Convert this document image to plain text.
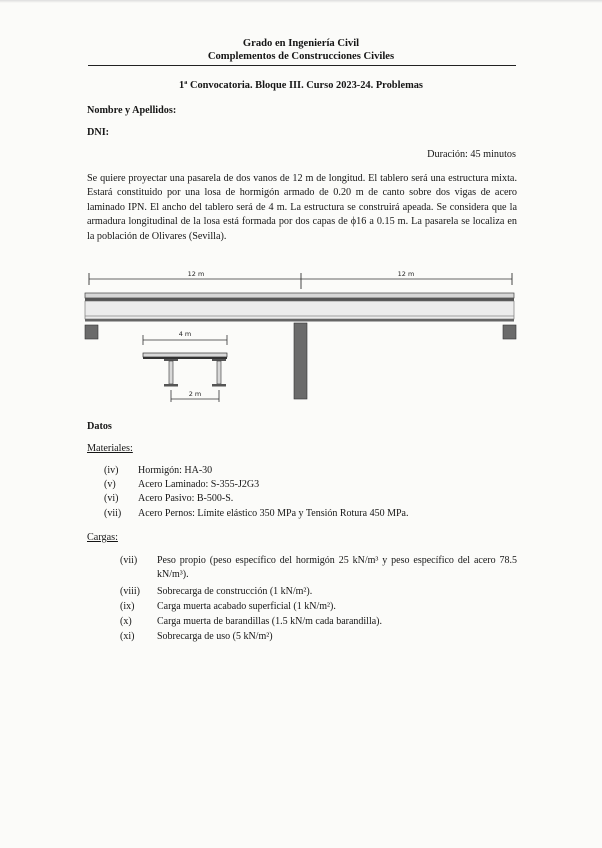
Grado en Ingeniería Civil
Complementos de Construcciones Civiles
1ª Convocatoria. Bloque III. Curso 2023-24. Problemas
Nombre y Apellidos:
DNI:
Duración: 45 minutos
Se quiere proyectar una pasarela de dos vanos de 12 m de longitud. El tablero será una estructura mixta. Estará constituido por una losa de hormigón armado de 0.20 m de canto sobre dos vigas de acero laminado IPN. El ancho del tablero será de 4 m. La estructura se construirá apeada. Se considera que la armadura longitudinal de la losa está formada por dos capas de ϕ16 a 0.15 m. La pasarela se localiza en la población de Olivares (Sevilla).
12 m	12 m
4 m
2 m
Datos
Materiales:
(iv) Hormigón: HA-30
(v) Acero Laminado: S-355-J2G3
(vi) Acero Pasivo: B-500-S.
(vii) Acero Pernos: Límite elástico 350 MPa y Tensión Rotura 450 MPa.
Cargas:
(vii) Peso propio (peso específico del hormigón 25 kN/m³ y peso específico del acero 78.5 kN/m³).
(viii) Sobrecarga de construcción (1 kN/m²).
(ix) Carga muerta acabado superficial (1 kN/m²).
(x)	Carga muerta de barandillas (1.5 kN/m cada barandilla).
(xi) Sobrecarga de uso (5 kN/m²)
